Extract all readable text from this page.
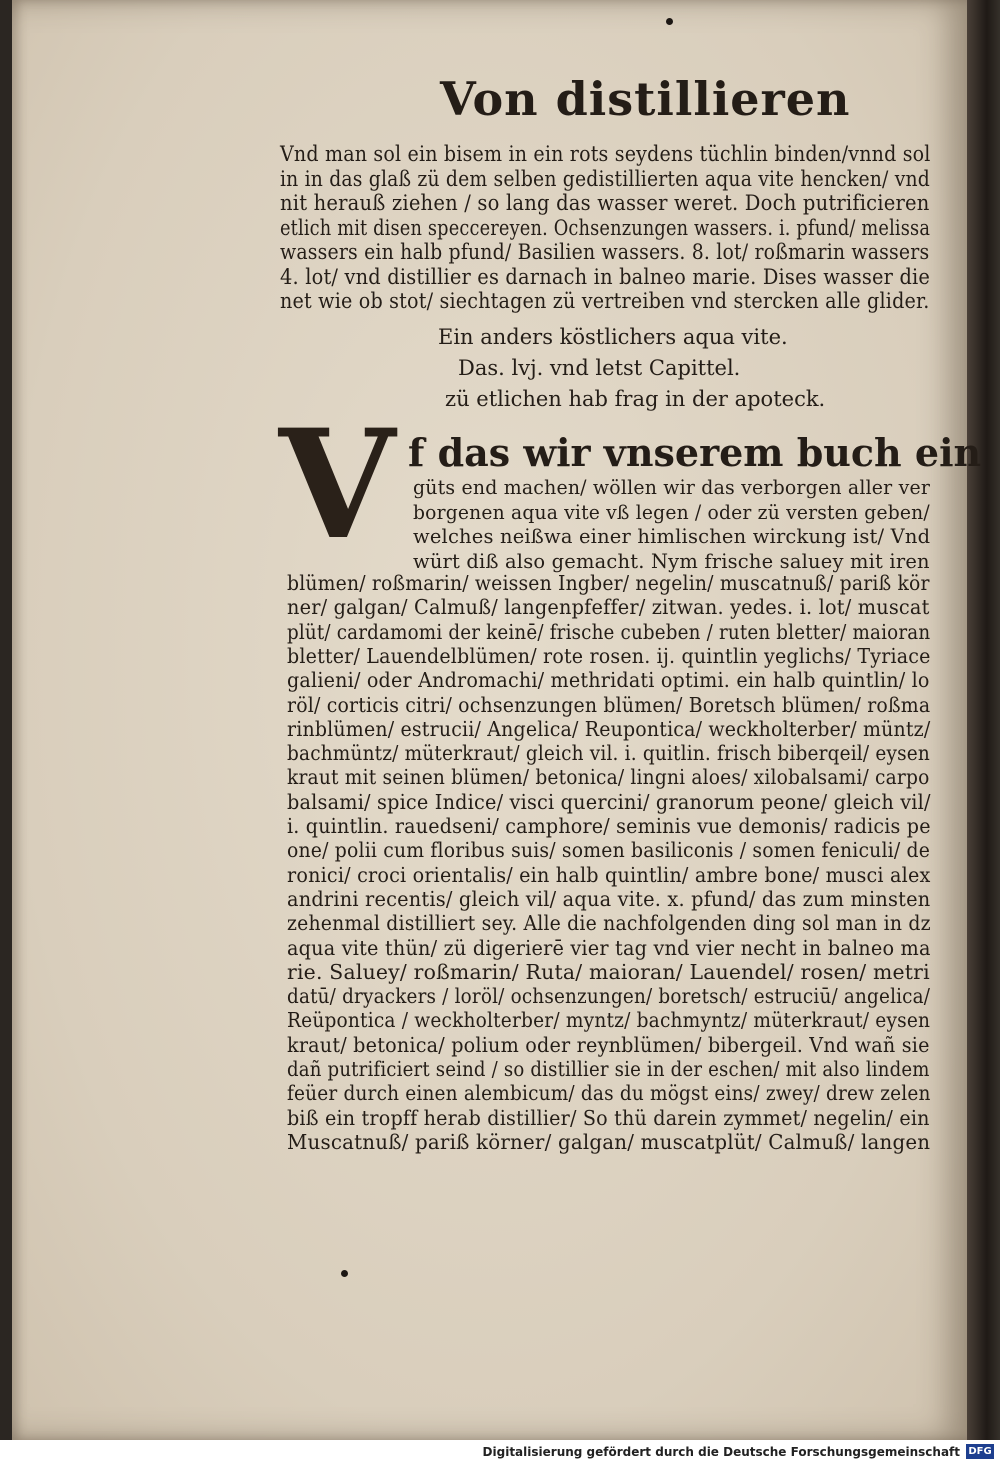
Von distillieren
Vnd man sol ein bisem in ein rots seydens tüchlin binden/vnnd sol
in in das glaß zü dem selben gedistillierten aqua vite hencken/ vnd
nit herauß ziehen / so lang das wasser weret. Doch putrificieren
etlich mit disen speccereyen. Ochsenzungen wassers. i. pfund/ melissa
wassers ein halb pfund/ Basilien wassers. 8. lot/ roßmarin wassers
4. lot/ vnd distillier es darnach in balneo marie. Dises wasser die
net wie ob stot/ siechtagen zü vertreiben vnd stercken alle glider.
Ein anders köstlichers aqua vite.
Das. lvj. vnd letst Capittel.
zü etlichen hab frag in der apoteck.
V f das wir vnserem buch ein
güts end machen/ wöllen wir das verborgen aller ver
borgenen aqua vite vß legen / oder zü versten geben/
welches neißwa einer himlischen wirckung ist/ Vnd
würt diß also gemacht. Nym frische saluey mit iren
blümen/ roßmarin/ weissen Ingber/ negelin/ muscatnuß/ pariß kör
ner/ galgan/ Calmuß/ langenpfeffer/ zitwan. yedes. i. lot/ muscat
plüt/ cardamomi der keinē/ frische cubeben / ruten bletter/ maioran
bletter/ Lauendelblümen/ rote rosen. ij. quintlin yeglichs/ Tyriace
galieni/ oder Andromachi/ methridati optimi. ein halb quintlin/ lo
röl/ corticis citri/ ochsenzungen blümen/ Boretsch blümen/ roßma
rinblümen/ estrucii/ Angelica/ Reupontica/ weckholterber/ müntz/
bachmüntz/ müterkraut/ gleich vil. i. quitlin. frisch biberqeil/ eysen
kraut mit seinen blümen/ betonica/ lingni aloes/ xilobalsami/ carpo
balsami/ spice Indice/ visci quercini/ granorum peone/ gleich vil/
i. quintlin. rauedseni/ camphore/ seminis vue demonis/ radicis pe
one/ polii cum floribus suis/ somen basiliconis / somen feniculi/ de
ronici/ croci orientalis/ ein halb quintlin/ ambre bone/ musci alex
andrini recentis/ gleich vil/ aqua vite. x. pfund/ das zum minsten
zehenmal distilliert sey. Alle die nachfolgenden ding sol man in dz
aqua vite thün/ zü digerierē vier tag vnd vier necht in balneo ma
rie. Saluey/ roßmarin/ Ruta/ maioran/ Lauendel/ rosen/ metri
datū/ dryackers / loröl/ ochsenzungen/ boretsch/ estruciū/ angelica/
Reüpontica / weckholterber/ myntz/ bachmyntz/ müterkraut/ eysen
kraut/ betonica/ polium oder reynblümen/ bibergeil. Vnd wañ sie
dañ putrificiert seind / so distillier sie in der eschen/ mit also lindem
feüer durch einen alembicum/ das du mögst eins/ zwey/ drew zelen
biß ein tropff herab distillier/ So thü darein zymmet/ negelin/ ein
Muscatnuß/ pariß körner/ galgan/ muscatplüt/ Calmuß/ langen
Digitalisierung gefördert durch die Deutsche Forschungsgemeinschaft DFG
